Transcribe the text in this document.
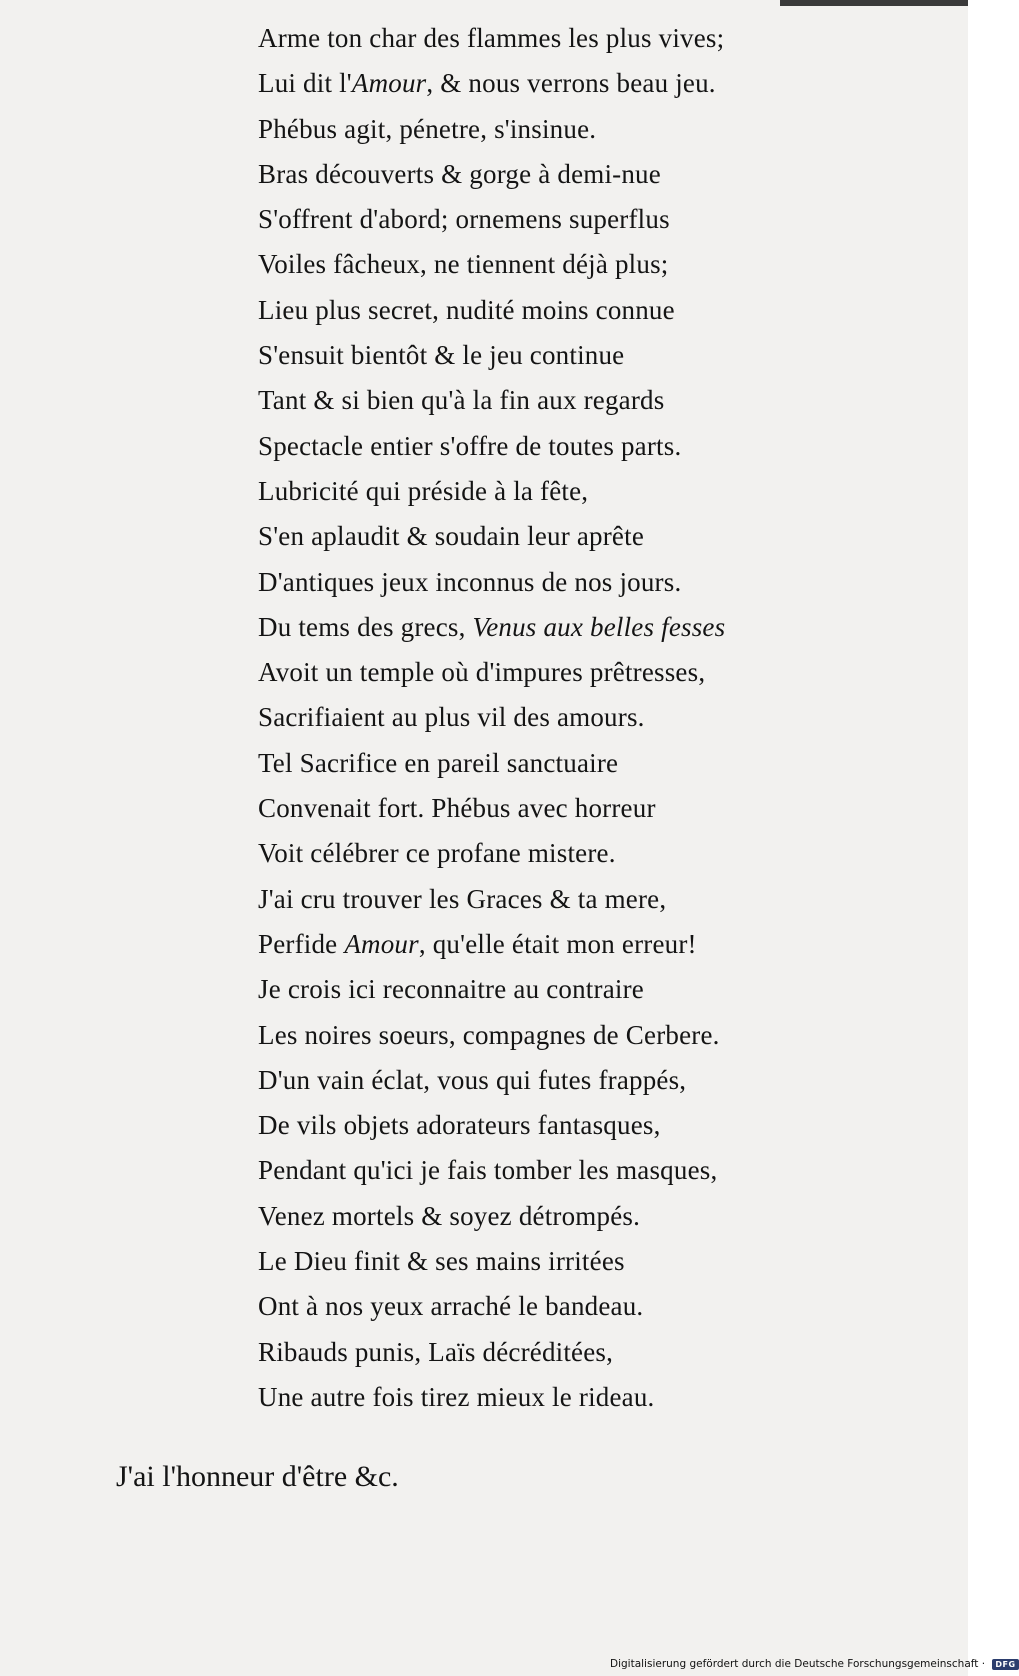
Arme ton char des flammes les plus vives;
Lui dit l'Amour, & nous verrons beau jeu.
Phébus agit, pénetre, s'insinue.
Bras découverts & gorge à demi-nue
S'offrent d'abord; ornemens superflus
Voiles fâcheux, ne tiennent déjà plus;
Lieu plus secret, nudité moins connue
S'ensuit bientôt & le jeu continue
Tant & si bien qu'à la fin aux regards
Spectacle entier s'offre de toutes parts.
Lubricité qui préside à la fête,
S'en aplaudit & soudain leur aprête
D'antiques jeux inconnus de nos jours.
Du tems des grecs, Venus aux belles fesses
Avoit un temple où d'impures prêtresses,
Sacrifiaient au plus vil des amours.
Tel Sacrifice en pareil sanctuaire
Convenait fort. Phébus avec horreur
Voit célébrer ce profane mistere.
J'ai cru trouver les Graces & ta mere,
Perfide Amour, qu'elle était mon erreur!
Je crois ici reconnaitre au contraire
Les noires soeurs, compagnes de Cerbere.
D'un vain éclat, vous qui futes frappés,
De vils objets adorateurs fantasques,
Pendant qu'ici je fais tomber les masques,
Venez mortels & soyez détrompés.
Le Dieu finit & ses mains irritées
Ont à nos yeux arraché le bandeau.
Ribauds punis, Laïs décréditées,
Une autre fois tirez mieux le rideau.
J'ai l'honneur d'être &c.
Digitalisierung gefördert durch die Deutsche Forschungsgemeinschaft · DFG
